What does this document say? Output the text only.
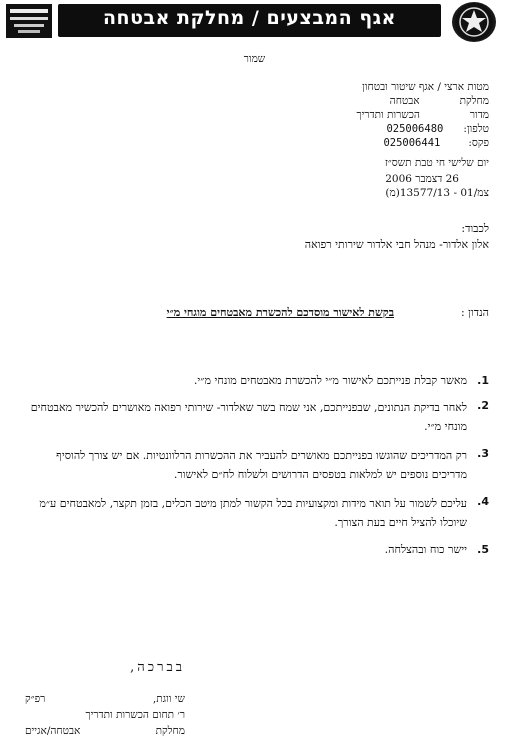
אגף המבצעים / מחלקת אבטחה
שמור
מטות ארצי / אגף שיטור ובטחון
מחלקת
אבטחה
מדור
הכשרות ותדריך
טלפון:
025006480
פקס:
025006441
יום שלישי חי טבת תשס״ז
26 דצמבר 2006
צמ/01 - 13577/13(מ)
לכבוד:
אלון אלדור- מנהל חבי אלדור שירותי רפואה
הנדון :
בקשת לאישור מוסדכם להכשרת מאבטחים מוגחי מ״י
1.
מאשר קבלת פנייתכם לאישור מ״י להכשרת מאבטחים מונחי מ״י.
2.
לאחר בדיקת הנתונים, שבפנייתכם, אני שמח בשר שאלדור- שירותי רפואה מאושרים להכשיר מאבטחים מונחי מ״י.
3.
רק המדריכים שהוגשו בפנייתכם מאושרים להעביר את ההכשרות הרלוונטיות. אם יש צורך להוסיף מדריכים נוספים יש למלאות בטפסים הדרושים ולשלוח לח״ם לאישור.
4.
עליכם לשמור על תואר מידות ומקצועיות בכל הקשור למתן מיטב הכלים, בזמן תקצר, למאבטחים ע״מ שיוכלו להציל חיים בעת הצורך.
5.
יישר כוח ובהצלחה.
בברכה,
שי ווגת,
רפ״ק
ר׳ תחום הכשרות ותדריך
מחלקת
אבטחה/אגיים
